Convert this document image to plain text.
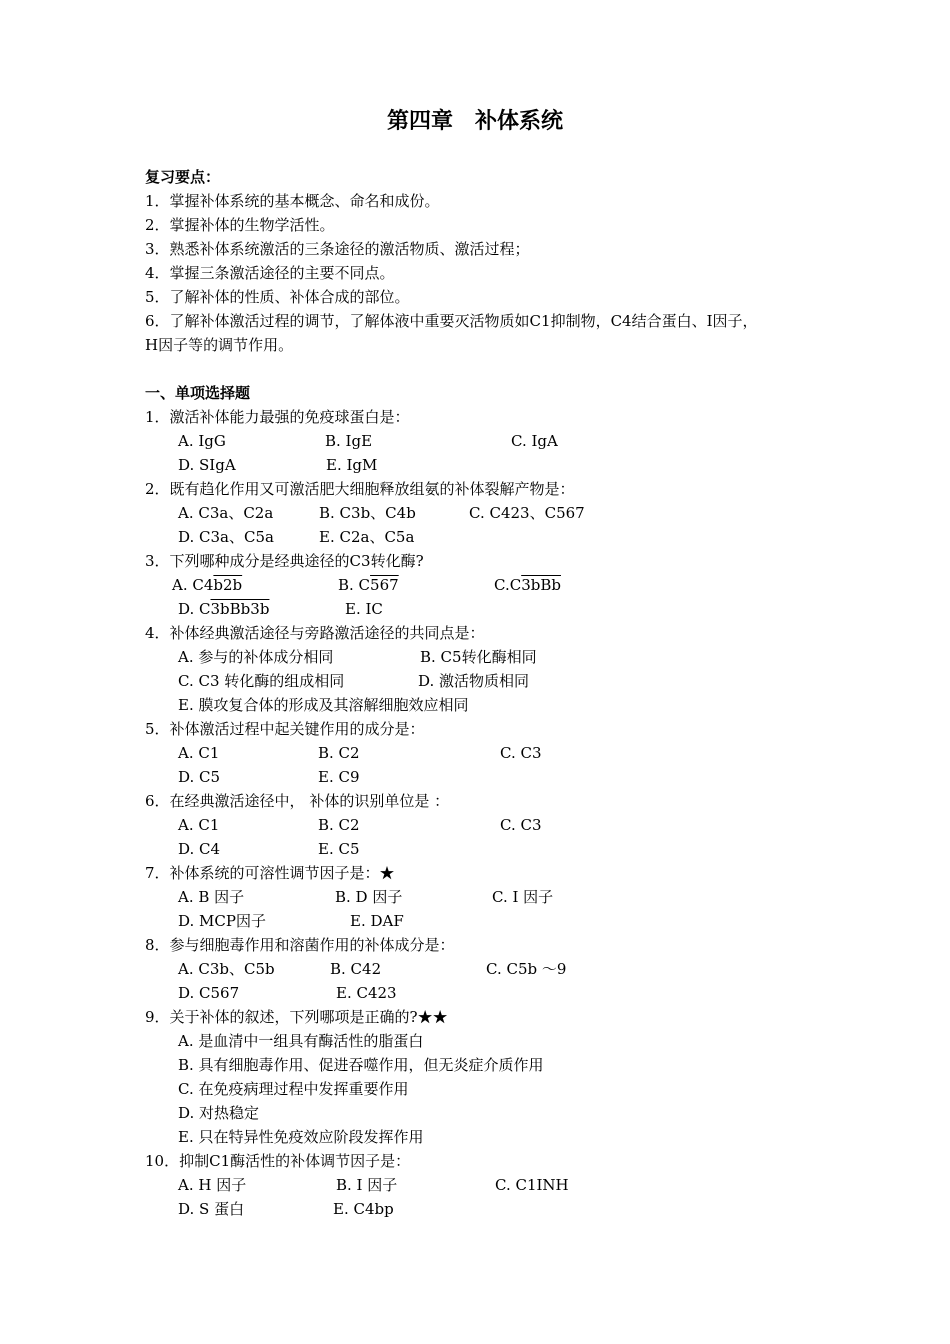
第四章　补体系统
复习要点：
1．掌握补体系统的基本概念、命名和成份。
2．掌握补体的生物学活性。
3．熟悉补体系统激活的三条途径的激活物质、激活过程；
4．掌握三条激活途径的主要不同点。
5．了解补体的性质、补体合成的部位。
6．了解补体激活过程的调节，了解体液中重要灭活物质如C1抑制物，C4结合蛋白、I因子，
H因子等的调节作用。
一、单项选择题
1．激活补体能力最强的免疫球蛋白是：
A. IgG	B. IgE	C. IgA
D. SIgA	E. IgM
2．既有趋化作用又可激活肥大细胞释放组氨的补体裂解产物是：
A. C3a、C2a	B. C3b、C4b	C. C423、C567
D. C3a、C5a	E. C2a、C5a
3．下列哪种成分是经典途径的C3转化酶?
A. C4b2b	B. C567	C.C3bBb
D. C3bBb3b	E. IC
4．补体经典激活途径与旁路激活途径的共同点是：
A. 参与的补体成分相同	B. C5转化酶相同
C. C3 转化酶的组成相同	D. 激活物质相同
E. 膜攻复合体的形成及其溶解细胞效应相同
5．补体激活过程中起关键作用的成分是：
A. C1	B. C2	C. C3
D. C5	E. C9
6．在经典激活途径中， 补体的识别单位是 ：
A. C1	B. C2	C. C3
D. C4	E. C5
7．补体系统的可溶性调节因子是：★
A. B 因子	B. D 因子	C. I 因子
D. MCP因子	E. DAF
8．参与细胞毒作用和溶菌作用的补体成分是：
A. C3b、C5b	B. C42	C. C5b ～9
D. C567	E. C423
9．关于补体的叙述，下列哪项是正确的?★★
A. 是血清中一组具有酶活性的脂蛋白
B. 具有细胞毒作用、促进吞噬作用，但无炎症介质作用
C. 在免疫病理过程中发挥重要作用
D. 对热稳定
E. 只在特异性免疫效应阶段发挥作用
10．抑制C1酶活性的补体调节因子是：
A. H 因子	B. I 因子	C. C1INH
D. S 蛋白	E. C4bp
